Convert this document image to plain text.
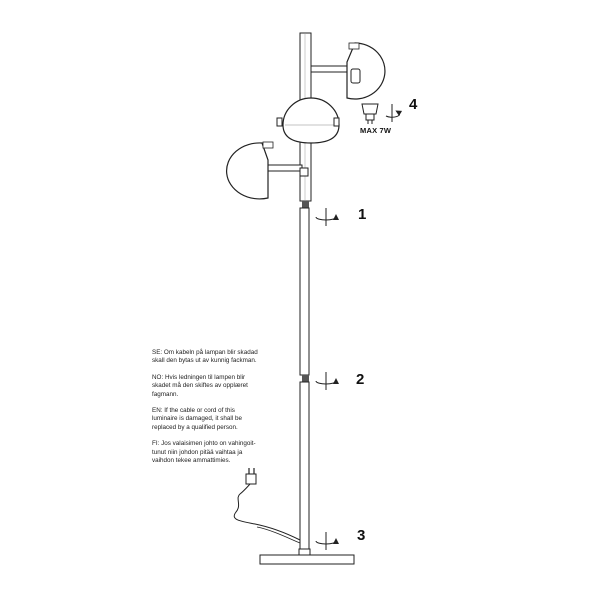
4
MAX 7W
1
2
3
SE: Om kabeln på lampan blir skadad
skall den bytas ut av kunnig fackman.
NO: Hvis ledningen til lampen blir
skadet må den skiftes av opplæret
fagmann.
EN: If the cable or cord of this
luminaire is damaged, it shall be
replaced by a qualified person.
FI: Jos valaisimen johto on vahingoit-
tunut niin johdon pitää vaihtaa ja
vaihdon tekee ammattimies.
